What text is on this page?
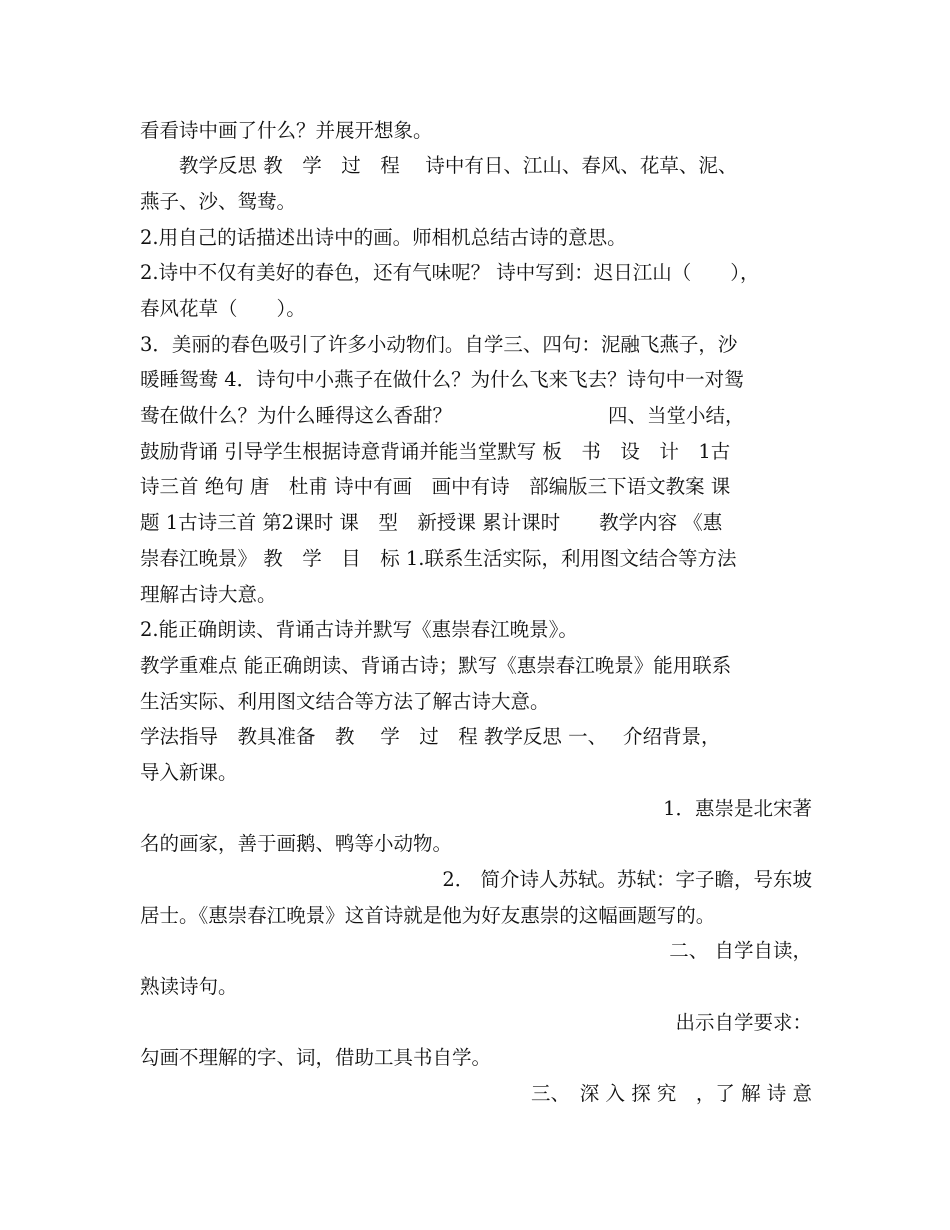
看看诗中画了什么？并展开想象。
　　教学反思 教　学　过　程　 诗中有日、江山、春风、花草、泥、
燕子、沙、鸳鸯。
2.用自己的话描述出诗中的画。师相机总结古诗的意思。
2.诗中不仅有美好的春色，还有气味呢？ 诗中写到：迟日江山（　　），
春风花草（　　）。
3．美丽的春色吸引了许多小动物们。自学三、四句：泥融飞燕子，沙
暖睡鸳鸯 4．诗句中小燕子在做什么？为什么飞来飞去？诗句中一对鸳
鸯在做什么？为什么睡得这么香甜？　　　　　　　　四、当堂小结，
鼓励背诵 引导学生根据诗意背诵并能当堂默写 板　书　设　计　1古
诗三首 绝句 唐　杜甫 诗中有画　画中有诗　部编版三下语文教案 课
题 1古诗三首 第2课时 课　型　新授课 累计课时　　教学内容 《惠
崇春江晚景》 教　学　目　标 1.联系生活实际，利用图文结合等方法
理解古诗大意。
2.能正确朗读、背诵古诗并默写《惠崇春江晚景》。
教学重难点 能正确朗读、背诵古诗；默写《惠崇春江晚景》能用联系
生活实际、利用图文结合等方法了解古诗大意。
学法指导　教具准备　教　 学　过　程 教学反思 一、　 介绍背景，
导入新课。
1．惠崇是北宋著
名的画家，善于画鹅、鸭等小动物。
2． 简介诗人苏轼。苏轼：字子瞻，号东坡
居士。《惠崇春江晚景》这首诗就是他为好友惠崇的这幅画题写的。
二、 自学自读，
熟读诗句。
出示自学要求：
勾画不理解的字、词，借助工具书自学。
三、　深 入 探 究　，了 解 诗 意
